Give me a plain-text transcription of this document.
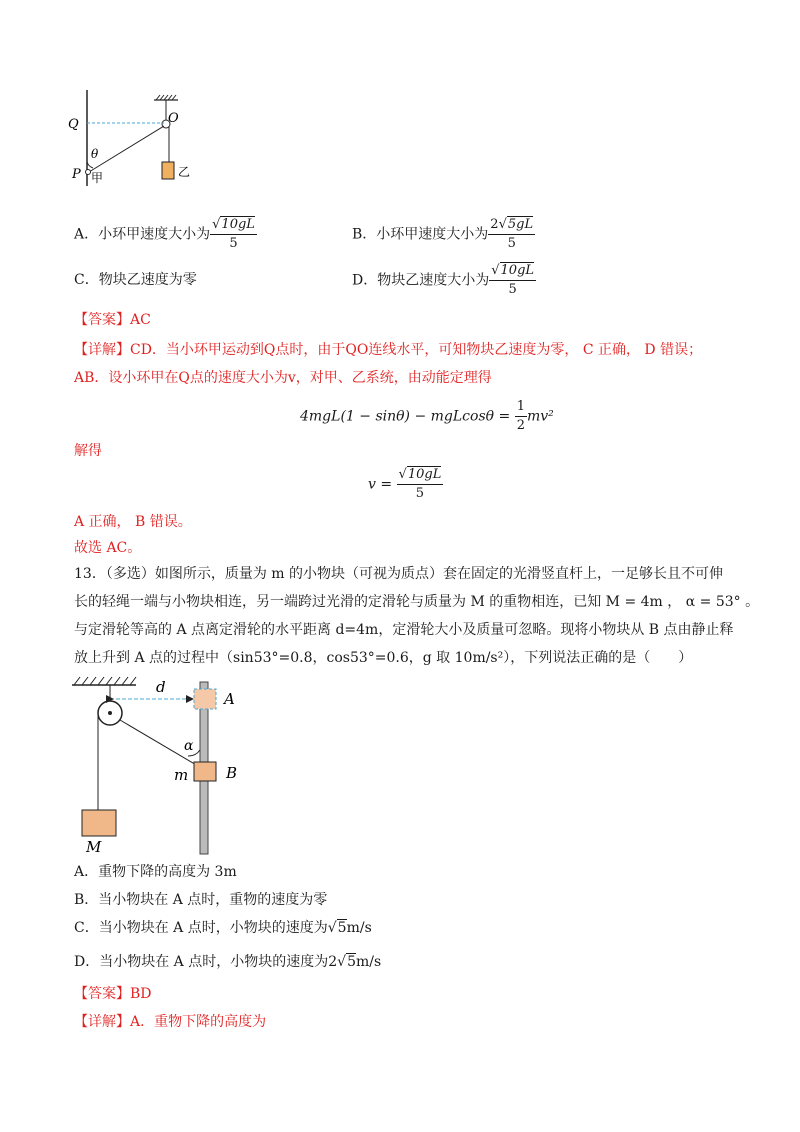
Q	O
θ
P 甲	乙
A．小环甲速度大小为 $\frac{√10gL}{5}$	B．小环甲速度大小为 $\frac{2√5gL}{5}$
C．物块乙速度为零	D．物块乙速度大小为 $\frac{√10gL}{5}$
【答案】AC
【详解】CD．当小环甲运动到Q点时，由于QO连线水平，可知物块乙速度为零， C 正确， D 错误；
AB．设小环甲在Q点的速度大小为v，对甲、乙系统，由动能定理得
$4mgL(1 - \sin\theta) - mgLcos\theta = \frac{1}{2} mv^2$
解得
$v = \frac{√10gL}{5}$
A 正确， B 错误。
故选 AC。
13．（多选）如图所示，质量为 m 的小物块（可视为质点）套在固定的光滑竖直杆上，一足够长且不可伸
长的轻绳一端与小物块相连，另一端跨过光滑的定滑轮与质量为 M 的重物相连，已知 M = 4m ， α = 53° 。
与定滑轮等高的 A 点离定滑轮的水平距离 d=4m，定滑轮大小及质量可忽略。现将小物块从 B 点由静止释
放上升到 A 点的过程中（sin53°=0.8，cos53°=0.6，g 取 10m/s²），下列说法正确的是（　　）
d
A
α
m	B
M
A．重物下降的高度为 3m
B．当小物块在 A 点时，重物的速度为零
C．当小物块在 A 点时，小物块的速度为√5m/s
D．当小物块在 A 点时，小物块的速度为2√5m/s
【答案】BD
【详解】A．重物下降的高度为
